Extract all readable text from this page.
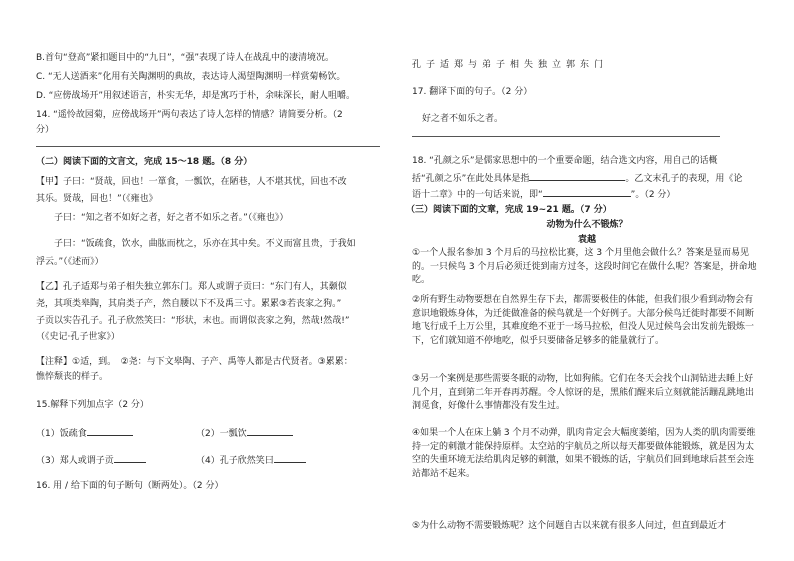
B.首句“登高”紧扣题目中的“九日”，“强”表现了诗人在战乱中的凄清境况。
C. “无人送酒来”化用有关陶渊明的典故，表达诗人渴望陶渊明一样赏菊畅饮。
D. “应傍战场开”用叙述语言，朴实无华，却是寓巧于朴，余味深长，耐人咀嚼。
14. “遥怜故园菊，应傍战场开”两句表达了诗人怎样的情感？请简要分析。（2
分）
（二）阅读下面的文言文，完成 15～18 题。（8 分）
【甲】子曰：“贤哉，回也！一箪食，一瓢饮，在陋巷，人不堪其忧，回也不改
其乐。贤哉，回也！”（《雍也》
子曰：“知之者不如好之者，好之者不如乐之者。”（《雍也》）
子曰：“饭疏食，饮水，曲肱而枕之，乐亦在其中矣。不义而富且贵，于我如
浮云。”（《述而》）
【乙】孔子适郑与弟子相失独立郭东门。郑人或谓子贡曰：“东门有人，其颡似
尧，其项类皋陶，其肩类子产，然自腰以下不及禹三寸。累累③若丧家之狗。”
子贡以实告孔子。孔子欣然笑曰：“形状，末也。而谓似丧家之狗，然哉!然哉!”
（《史记·孔子世家》）
【注释】①适，到。　②尧：与下文皋陶、子产、禹等人都是古代贤者。③累累：
憔悴颓丧的样子。
15.解释下列加点字（2 分）
（1）饭疏食	（2）一瓢饮
（3）郑人或谓子贡	（4）孔子欣然笑曰
16. 用 / 给下面的句子断句（断两处）。（2 分）
孔子适郑与弟子相失独立郭东门
17. 翻译下面的句子。（2 分）
好之者不如乐之者。
18. “孔颜之乐”是儒家思想中的一个重要命题，结合选文内容，用自己的话概
括“孔颜之乐”在此处具体是指	。乙文末孔子的表现，用《论
语十二章》中的一句话来说，即“	”。（2 分）
（三）阅读下面的文章，完成 19~21 题。（7 分）
动物为什么不锻炼？
袁越
①一个人报名参加 3 个月后的马拉松比赛，这 3 个月里他会做什么？答案是显而易见的。一只候鸟 3 个月后必须迁徙到南方过冬，这段时间它在做什么呢？答案是，拼命地吃。
②所有野生动物要想在自然界生存下去，都需要极佳的体能，但我们很少看到动物会有意识地锻炼身体，为迁徙做准备的候鸟就是一个好例子。大部分候鸟迁徙时都要不间断地飞行成千上万公里，其难度绝不亚于一场马拉松，但没人见过候鸟会出发前先锻炼一下，它们就知道不停地吃，似乎只要储备足够多的能量就行了。
③另一个案例是那些需要冬眠的动物，比如狗熊。它们在冬天会找个山洞钻进去睡上好几个月，直到第二年开春再苏醒。令人惊讶的是，黑熊们醒来后立刻就能活蹦乱跳地出洞觅食，好像什么事情都没有发生过。
④如果一个人在床上躺 3 个月不动弹，肌肉肯定会大幅度萎缩，因为人类的肌肉需要维持一定的刺激才能保持原样。太空站的宇航员之所以每天都要做体能锻炼，就是因为太空的失重环境无法给肌肉足够的刺激，如果不锻炼的话，宇航员们回到地球后甚至会连站都站不起来。
⑤为什么动物不需要锻炼呢？这个问题自古以来就有很多人问过，但直到最近才
